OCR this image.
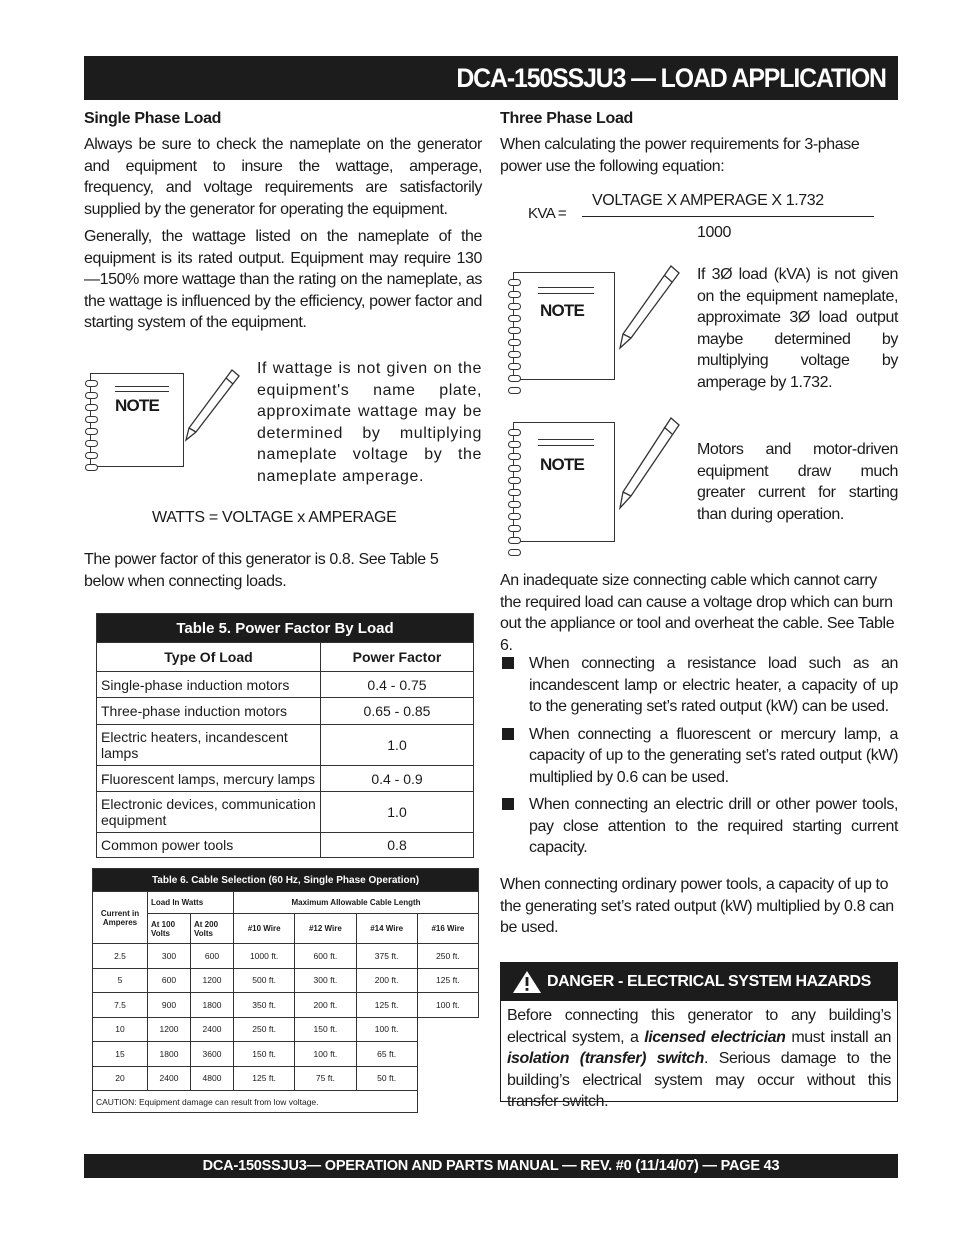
DCA-150SSJU3 — LOAD APPLICATION
Single Phase Load

Always be sure to check the nameplate on the generator and equipment to insure the wattage, amperage, frequency, and voltage requirements are satisfactorily supplied by the generator for operating the equipment.

Generally, the wattage listed on the nameplate of the equipment is its rated output. Equipment may require 130—150% more wattage than the rating on the nameplate, as the wattage is influenced by the efficiency, power factor and starting system of the equipment.

NOTE

If wattage is not given on the equipment's name plate, approximate wattage may be determined by multiplying nameplate voltage by the nameplate amperage.

WATTS = VOLTAGE x AMPERAGE

The power factor of this generator is 0.8. See Table 5 below when connecting loads.

Table 5. Power Factor By Load	
Type Of Load	Power Factor
Single-phase induction motors	0.4 - 0.75
Three-phase induction motors	0.65 - 0.85
Electric heaters, incandescent lamps	1.0
Fluorescent lamps, mercury lamps	0.4 - 0.9
Electronic devices, communication equipment	1.0
Common power tools	0.8
Table 6. Cable Selection (60 Hz, Single Phase Operation)						
Current in Amperes	Load In Watts		Maximum Allowable Cable Length			
	At 100 Volts	At 200 Volts	#10 Wire	#12 Wire	#14 Wire	#16 Wire
2.5	300	600	1000 ft.	600 ft.	375 ft.	250 ft.
5	600	1200	500 ft.	300 ft.	200 ft.	125 ft.
7.5	900	1800	350 ft.	200 ft.	125 ft.	100 ft.
10	1200	2400	250 ft.	150 ft.	100 ft.	
15	1800	3600	150 ft.	100 ft.	65 ft.	
20	2400	4800	125 ft.	75 ft.	50 ft.	
CAUTION: Equipment damage can result from low voltage.						
Three Phase Load

When calculating the power requirements for 3-phase power use the following equation:

KVA =
VOLTAGE X AMPERAGE X 1.732
1000
NOTE

If 3Ø load (kVA) is not given on the equipment nameplate, approximate 3Ø load output maybe determined by multiplying voltage by amperage by 1.732.

NOTE

Motors and motor-driven equipment draw much greater current for starting than during operation.

An inadequate size connecting cable which cannot carry the required load can cause a voltage drop which can burn out the appliance or tool and overheat the cable. See Table 6.

When connecting a resistance load such as an incandescent lamp or electric heater, a capacity of up to the generating set’s rated output (kW) can be used.
When connecting a fluorescent or mercury lamp, a capacity of up to the generating set’s rated output (kW) multiplied by 0.6 can be used.
When connecting an electric drill or other power tools, pay close attention to the required starting current capacity.

When connecting ordinary power tools, a capacity of up to the generating set’s rated output (kW) multiplied by 0.8 can be used.

DANGER - ELECTRICAL SYSTEM HAZARDS
Before connecting this generator to any building’s electrical system, a licensed electrician must install an isolation (transfer) switch. Serious damage to the building’s electrical system may occur without this transfer switch.
DCA-150SSJU3— OPERATION AND PARTS MANUAL — REV. #0 (11/14/07) — PAGE 43
